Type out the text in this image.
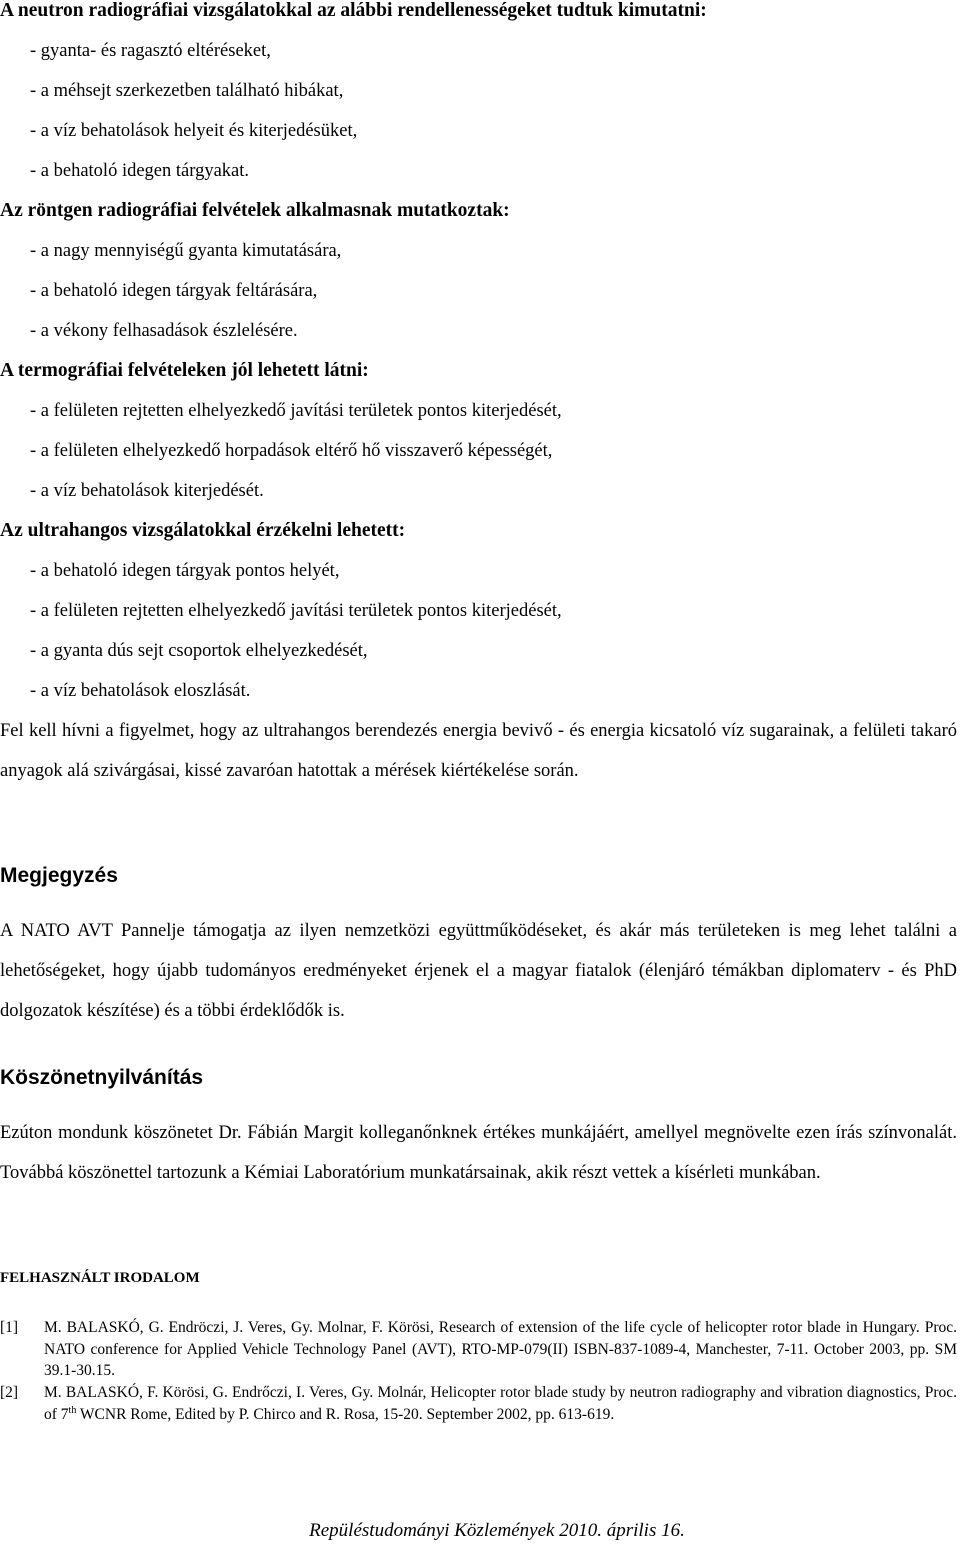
A neutron radiográfiai vizsgálatokkal az alábbi rendellenességeket tudtuk kimutatni:

- gyanta- és ragasztó eltéréseket,
- a méhsejt szerkezetben található hibákat,
- a víz behatolások helyeit és kiterjedésüket,
- a behatoló idegen tárgyakat.

Az röntgen radiográfiai felvételek alkalmasnak mutatkoztak:

- a nagy mennyiségű gyanta kimutatására,
- a behatoló idegen tárgyak feltárására,
- a vékony felhasadások észlelésére.

A termográfiai felvételeken jól lehetett látni:

- a felületen rejtetten elhelyezkedő javítási területek pontos kiterjedését,
- a felületen elhelyezkedő horpadások eltérő hő visszaverő képességét,
- a víz behatolások kiterjedését.

Az ultrahangos vizsgálatokkal érzékelni lehetett:

- a behatoló idegen tárgyak pontos helyét,
- a felületen rejtetten elhelyezkedő javítási területek pontos kiterjedését,
- a gyanta dús sejt csoportok elhelyezkedését,
- a víz behatolások eloszlását.

Fel kell hívni a figyelmet, hogy az ultrahangos berendezés energia bevivő - és energia kicsatoló víz sugarainak, a felületi takaró anyagok alá szivárgásai, kissé zavaróan hatottak a mérések kiértékelése során.

Megjegyzés

A NATO AVT Pannelje támogatja az ilyen nemzetközi együttműködéseket, és akár más területeken is meg lehet találni a lehetőségeket, hogy újabb tudományos eredményeket érjenek el a magyar fiatalok (élenjáró témákban diplomaterv - és PhD dolgozatok készítése) és a többi érdeklődők is.

Köszönetnyilvánítás

Ezúton mondunk köszönetet Dr. Fábián Margit kolleganőnknek értékes munkájáért, amellyel megnövelte ezen írás színvonalát. Továbbá köszönettel tartozunk a Kémiai Laboratórium munkatársainak, akik részt vettek a kísérleti munkában.

FELHASZNÁLT IRODALOM

[1] M. BALASKÓ, G. Endröczi, J. Veres, Gy. Molnar, F. Körösi, Research of extension of the life cycle of helicopter rotor blade in Hungary. Proc. NATO conference for Applied Vehicle Technology Panel (AVT), RTO-MP-079(II) ISBN-837-1089-4, Manchester, 7-11. October 2003, pp. SM 39.1-30.15.
[2] M. BALASKÓ, F. Körösi, G. Endrőczi, I. Veres, Gy. Molnár, Helicopter rotor blade study by neutron radiography and vibration diagnostics, Proc. of 7th WCNR Rome, Edited by P. Chirco and R. Rosa, 15-20. September 2002, pp. 613-619.
Repüléstudományi Közlemények 2010. április 16.
